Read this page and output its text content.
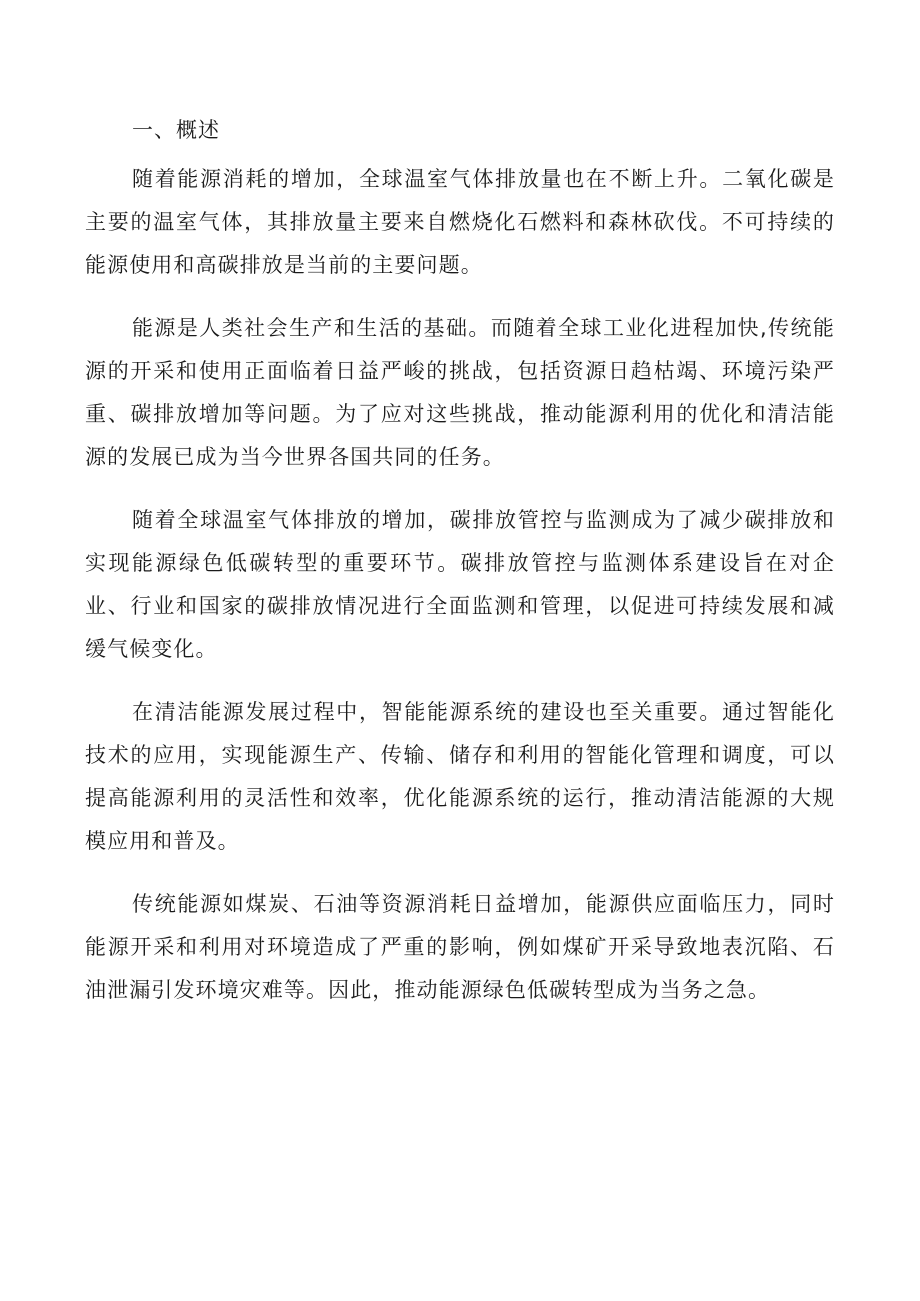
一、概述

随着能源消耗的增加，全球温室气体排放量也在不断上升。二氧化碳是主要的温室气体，其排放量主要来自燃烧化石燃料和森林砍伐。不可持续的能源使用和高碳排放是当前的主要问题。

能源是人类社会生产和生活的基础。而随着全球工业化进程加快,传统能源的开采和使用正面临着日益严峻的挑战，包括资源日趋枯竭、环境污染严重、碳排放增加等问题。为了应对这些挑战，推动能源利用的优化和清洁能源的发展已成为当今世界各国共同的任务。

随着全球温室气体排放的增加，碳排放管控与监测成为了减少碳排放和实现能源绿色低碳转型的重要环节。碳排放管控与监测体系建设旨在对企业、行业和国家的碳排放情况进行全面监测和管理，以促进可持续发展和减缓气候变化。

在清洁能源发展过程中，智能能源系统的建设也至关重要。通过智能化技术的应用，实现能源生产、传输、储存和利用的智能化管理和调度，可以提高能源利用的灵活性和效率，优化能源系统的运行，推动清洁能源的大规模应用和普及。

传统能源如煤炭、石油等资源消耗日益增加，能源供应面临压力，同时能源开采和利用对环境造成了严重的影响，例如煤矿开采导致地表沉陷、石油泄漏引发环境灾难等。因此，推动能源绿色低碳转型成为当务之急。
